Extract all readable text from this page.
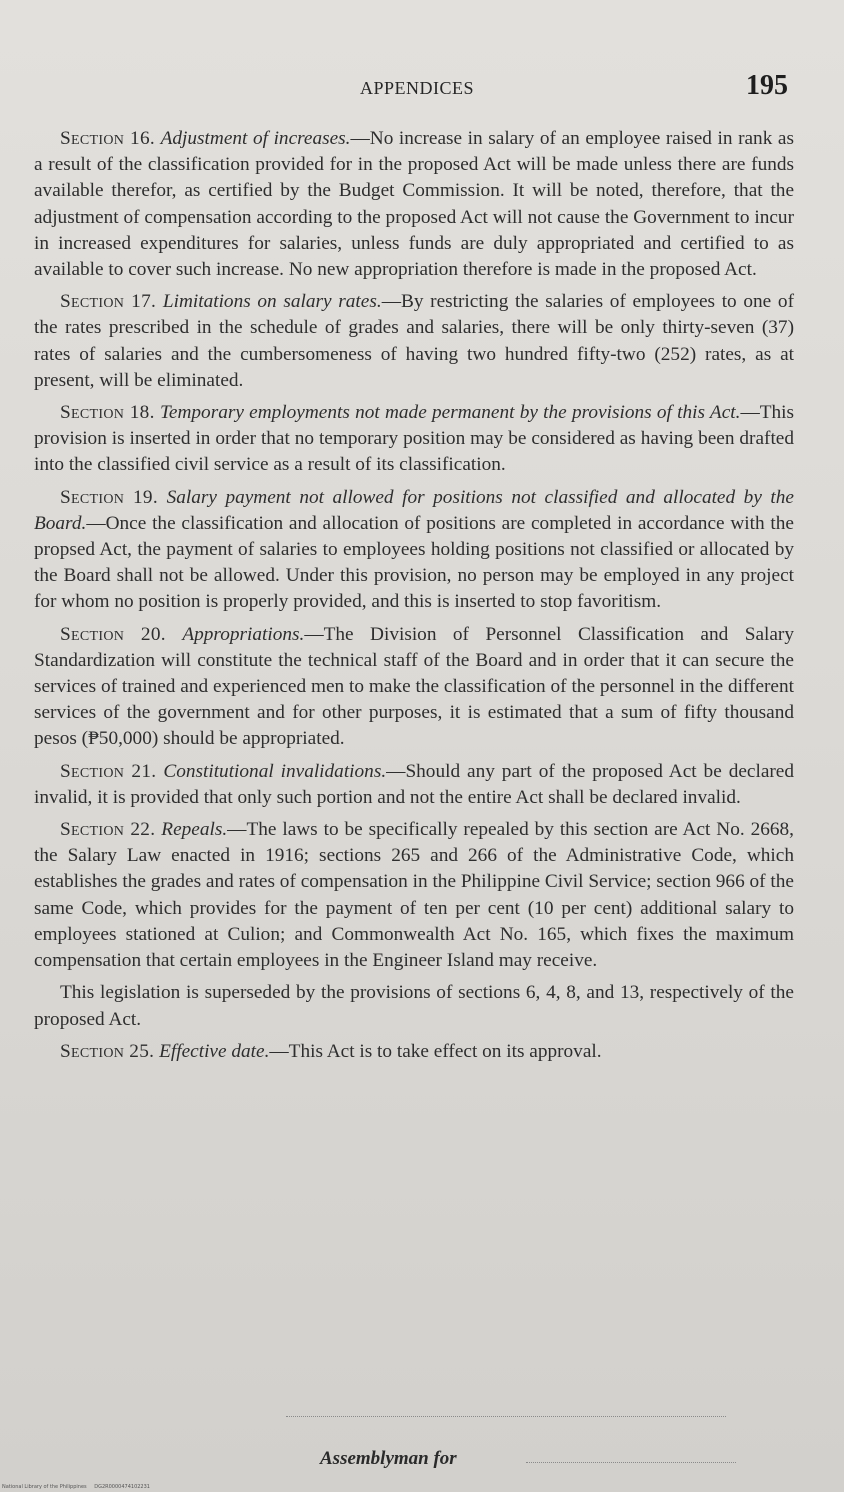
APPENDICES	195

Section 16. Adjustment of increases.—No increase in salary of an employee raised in rank as a result of the classification provided for in the proposed Act will be made unless there are funds available therefor, as certified by the Budget Commission. It will be noted, therefore, that the adjustment of compensation according to the proposed Act will not cause the Government to incur in increased expenditures for salaries, unless funds are duly appropriated and certified to as available to cover such increase. No new appropriation therefore is made in the proposed Act.

Section 17. Limitations on salary rates.—By restricting the salaries of employees to one of the rates prescribed in the schedule of grades and salaries, there will be only thirty-seven (37) rates of salaries and the cumbersomeness of having two hundred fifty-two (252) rates, as at present, will be eliminated.

Section 18. Temporary employments not made permanent by the provisions of this Act.—This provision is inserted in order that no temporary position may be considered as having been drafted into the classified civil service as a result of its classification.

Section 19. Salary payment not allowed for positions not classified and allocated by the Board.—Once the classification and allocation of positions are completed in accordance with the propsed Act, the payment of salaries to employees holding positions not classified or allocated by the Board shall not be allowed. Under this provision, no person may be employed in any project for whom no position is properly provided, and this is inserted to stop favoritism.

Section 20. Appropriations.—The Division of Personnel Classification and Salary Standardization will constitute the technical staff of the Board and in order that it can secure the services of trained and experienced men to make the classification of the personnel in the different services of the government and for other purposes, it is estimated that a sum of fifty thousand pesos (₱50,000) should be appropriated.

Section 21. Constitutional invalidations.—Should any part of the proposed Act be declared invalid, it is provided that only such portion and not the entire Act shall be declared invalid.

Section 22. Repeals.—The laws to be specifically repealed by this section are Act No. 2668, the Salary Law enacted in 1916; sections 265 and 266 of the Administrative Code, which establishes the grades and rates of compensation in the Philippine Civil Service; section 966 of the same Code, which provides for the payment of ten per cent (10 per cent) additional salary to employees stationed at Culion; and Commonwealth Act No. 165, which fixes the maximum compensation that certain employees in the Engineer Island may receive.

This legislation is superseded by the provisions of sections 6, 4, 8, and 13, respectively of the proposed Act.

Section 25. Effective date.—This Act is to take effect on its approval.

Assemblyman for
National Library of the Philippines DG2R0000474102231
